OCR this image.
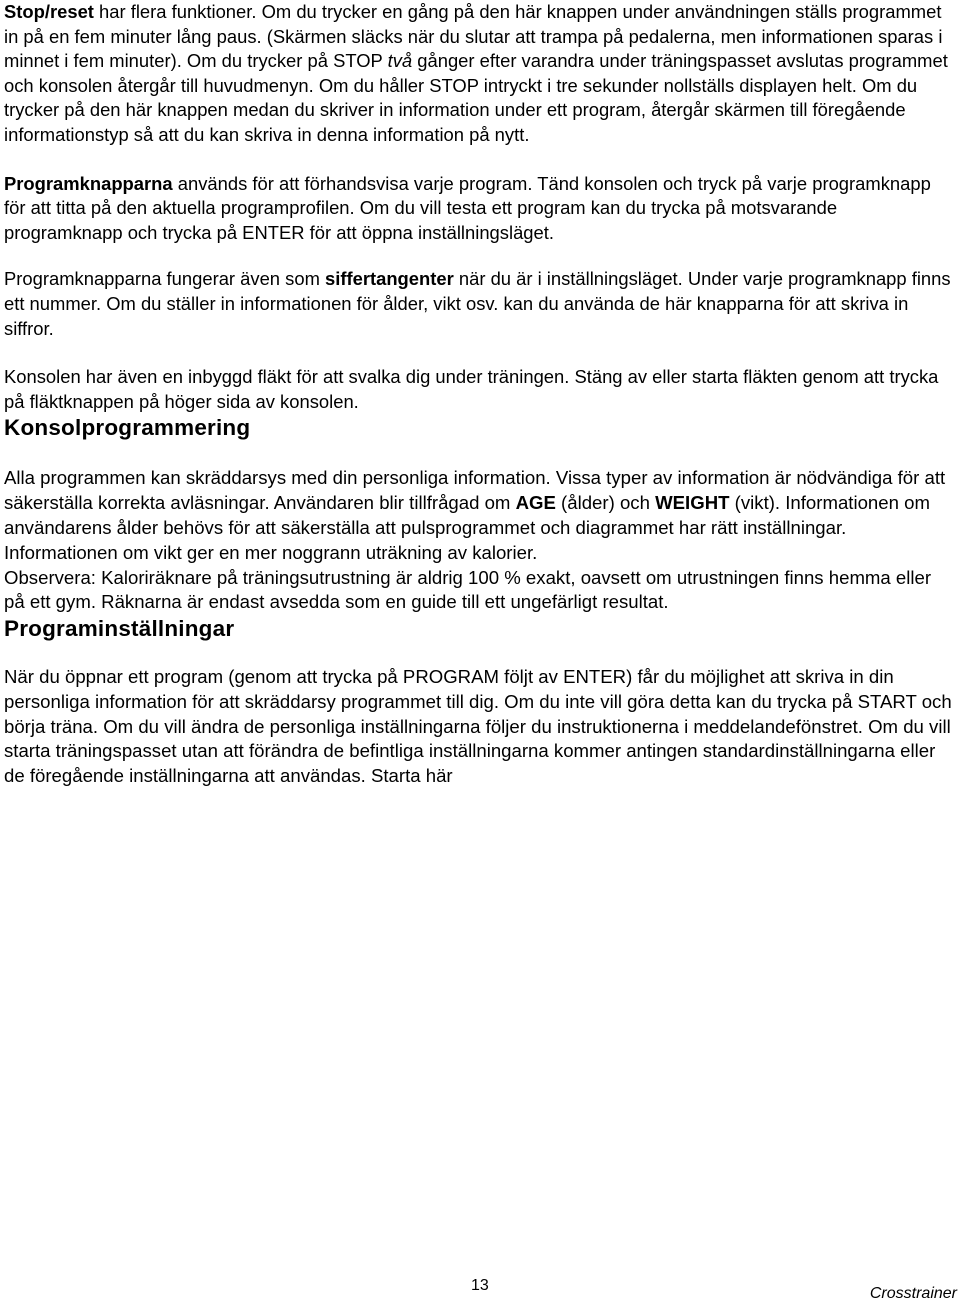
Stop/reset har flera funktioner. Om du trycker en gång på den här knappen under användningen ställs programmet in på en fem minuter lång paus. (Skärmen släcks när du slutar att trampa på pedalerna, men informationen sparas i minnet i fem minuter). Om du trycker på STOP två gånger efter varandra under träningspasset avslutas programmet och konsolen återgår till huvudmenyn. Om du håller STOP intryckt i tre sekunder nollställs displayen helt. Om du trycker på den här knappen medan du skriver in information under ett program, återgår skärmen till föregående informationstyp så att du kan skriva in denna information på nytt.

Programknapparna används för att förhandsvisa varje program. Tänd konsolen och tryck på varje programknapp för att titta på den aktuella programprofilen. Om du vill testa ett program kan du trycka på motsvarande programknapp och trycka på ENTER för att öppna inställningsläget.

Programknapparna fungerar även som siffertangenter när du är i inställningsläget. Under varje programknapp finns ett nummer. Om du ställer in informationen för ålder, vikt osv. kan du använda de här knapparna för att skriva in siffror.

Konsolen har även en inbyggd fläkt för att svalka dig under träningen. Stäng av eller starta fläkten genom att trycka på fläktknappen på höger sida av konsolen.

Konsolprogrammering

Alla programmen kan skräddarsys med din personliga information. Vissa typer av information är nödvändiga för att säkerställa korrekta avläsningar. Användaren blir tillfrågad om AGE (ålder) och WEIGHT (vikt). Informationen om användarens ålder behövs för att säkerställa att pulsprogrammet och diagrammet har rätt inställningar. Informationen om vikt ger en mer noggrann uträkning av kalorier.
Observera: Kaloriräknare på träningsutrustning är aldrig 100 % exakt, oavsett om utrustningen finns hemma eller på ett gym. Räknarna är endast avsedda som en guide till ett ungefärligt resultat.

Programinställningar

När du öppnar ett program (genom att trycka på PROGRAM följt av ENTER) får du möjlighet att skriva in din personliga information för att skräddarsy programmet till dig. Om du inte vill göra detta kan du trycka på START och börja träna. Om du vill ändra de personliga inställningarna följer du instruktionerna i meddelandefönstret. Om du vill starta träningspasset utan att förändra de befintliga inställningarna kommer antingen standardinställningarna eller de föregående inställningarna att användas. Starta här

13	Crosstrainer
